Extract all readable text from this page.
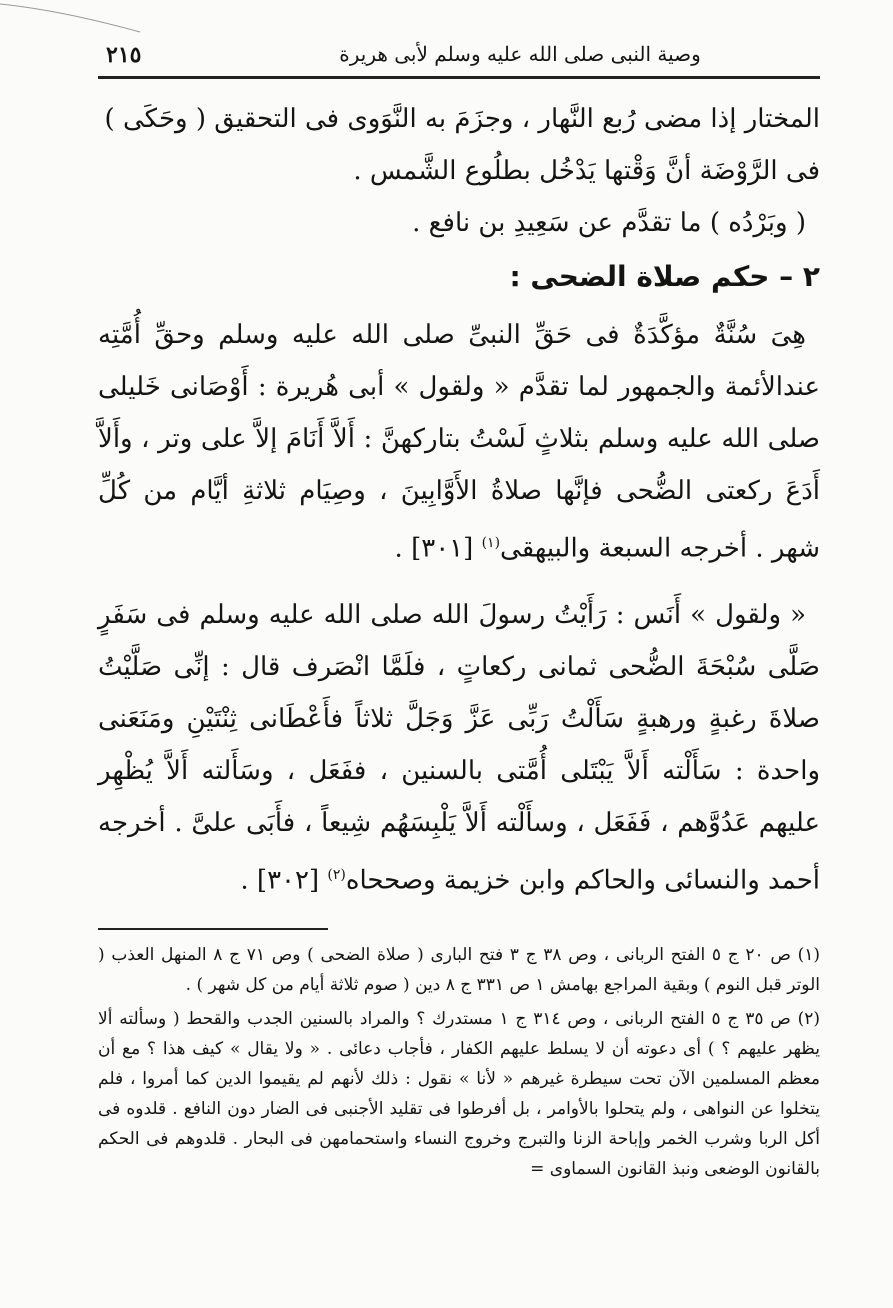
وصية النبى صلى الله عليه وسلم لأبى هريرة
٢١٥

المختار إذا مضى رُبع النَّهار ، وجزَمَ به النَّوَوى فى التحقيق ( وحَكَى )
فى الرَّوْضَة أنَّ وَقْتها يَدْخُل بطلُوع الشَّمس .

( وبَرْدُه ) ما تقدَّم عن سَعِيدِ بن نافع .

٢ – حكم صلاة الضحى :

هِىَ سُنَّةٌ مؤكَّدَةٌ فى حَقِّ النبىِّ صلى الله عليه وسلم وحقِّ أُمَّتِه عندالأئمة والجمهور لما تقدَّم « ولقول » أبى هُريرة : أَوْصَانى خَليلى صلى الله عليه وسلم بثلاثٍ لَسْتُ بتاركهنَّ : أَلاَّ أَنَامَ إلاَّ على وتر ، وأَلاَّ أَدَعَ ركعتى الضُّحى فإنَّها صلاةُ الأَوَّابِينَ ، وصِيَام ثلاثةِ أيَّام من كُلِّ شهر . أخرجه السبعة والبيهقى$^{(١)}$ [٣٠١] .

« ولقول » أَنَس : رَأَيْتُ رسولَ الله صلى الله عليه وسلم فى سَفَرٍ صَلَّى سُبْحَةَ الضُّحى ثمانى ركعاتٍ ، فلَمَّا انْصَرف قال : إنِّى صَلَّيْتُ صلاةَ رغبةٍ ورهبةٍ سَأَلْتُ رَبِّى عَزَّ وَجَلَّ ثلاثاً فأَعْطَانى ثِنْتَيْنِ ومَنَعَنى واحدة : سَأَلْته أَلاَّ يَبْتَلى أُمَّتى بالسنين ، ففَعَل ، وسَأَلته أَلاَّ يُظْهِر عليهم عَدُوَّهم ، فَفَعَل ، وسأَلْته أَلاَّ يَلْبِسَهُم شِيعاً ، فأَبَى علىَّ . أخرجه أحمد والنسائى والحاكم وابن خزيمة وصححاه$^{(٢)}$ [٣٠٢] .

(١) ص ٢٠ ج ٥ الفتح الربانى ، وص ٣٨ ج ٣ فتح البارى ( صلاة الضحى ) وص ٧١ ج ٨ المنهل العذب ( الوتر قبل النوم ) وبقية المراجع بهامش ١ ص ٣٣١ ج ٨ دين ( صوم ثلاثة أيام من كل شهر ) .

(٢) ص ٣٥ ج ٥ الفتح الربانى ، وص ٣١٤ ج ١ مستدرك ؟ والمراد بالسنين الجدب والقحط ( وسألته ألا يظهر عليهم ؟ ) أى دعوته أن لا يسلط عليهم الكفار ، فأجاب دعائى . « ولا يقال » كيف هذا ؟ مع أن معظم المسلمين الآن تحت سيطرة غيرهم « لأنا » نقول : ذلك لأنهم لم يقيموا الدين كما أمروا ، فلم يتخلوا عن النواهى ، ولم يتحلوا بالأوامر ، بل أفرطوا فى تقليد الأجنبى فى الضار دون النافع . قلدوه فى أكل الربا وشرب الخمر وإباحة الزنا والتبرج وخروج النساء واستحمامهن فى البحار . قلدوهم فى الحكم بالقانون الوضعى ونبذ القانون السماوى =
